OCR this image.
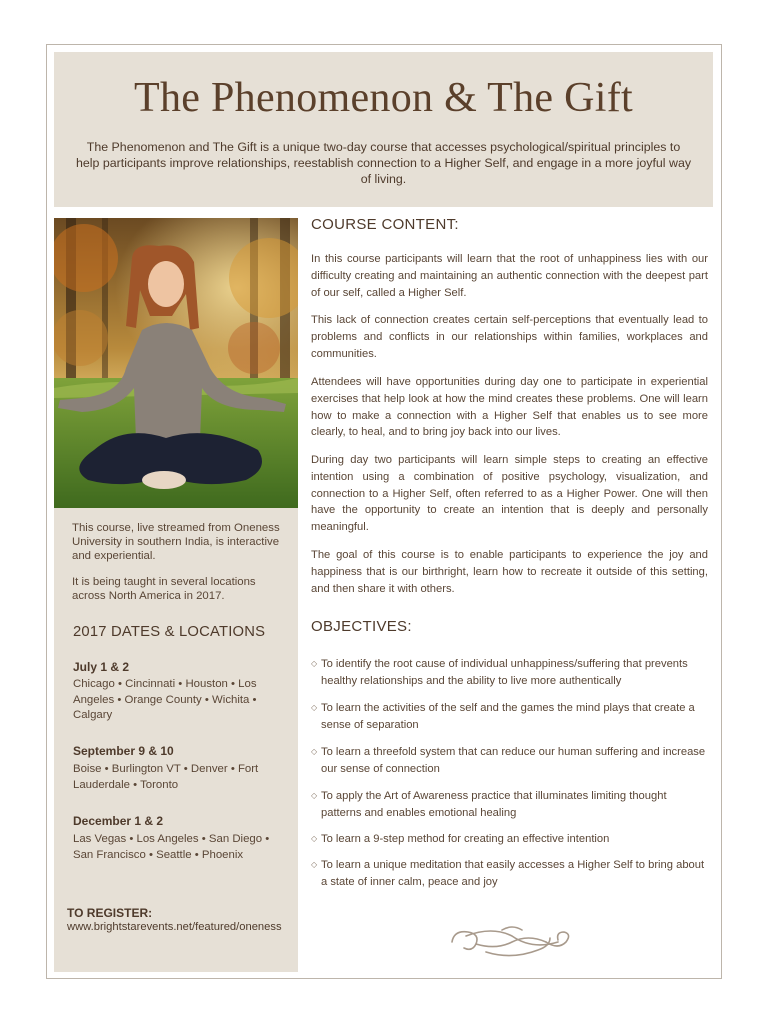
The Phenomenon & The Gift
The Phenomenon and The Gift is a unique two-day course that accesses psychological/spiritual principles to help participants improve relationships, reestablish connection to a Higher Self, and engage in a more joyful way of living.
This course, live streamed from Oneness University in southern India, is interactive and experiential.
It is being taught in several locations across North America in 2017.
2017 DATES & LOCATIONS
July 1 & 2
Chicago • Cincinnati • Houston • Los Angeles • Orange County • Wichita • Calgary
September 9 & 10
Boise • Burlington VT • Denver • Fort Lauderdale • Toronto
December 1 & 2
Las Vegas • Los Angeles • San Diego • San Francisco • Seattle • Phoenix
TO REGISTER:
www.brightstarevents.net/featured/oneness
COURSE CONTENT:
In this course participants will learn that the root of unhappiness lies with our difficulty creating and maintaining an authentic connection with the deepest part of our self, called a Higher Self.
This lack of connection creates certain self-perceptions that eventually lead to problems and conflicts in our relationships within families, workplaces and communities.
Attendees will have opportunities during day one to participate in experiential exercises that help look at how the mind creates these problems. One will learn how to make a connection with a Higher Self that enables us to see more clearly, to heal, and to bring joy back into our lives.
During day two participants will learn simple steps to creating an effective intention using a combination of positive psychology, visualization, and connection to a Higher Self, often referred to as a Higher Power. One will then have the opportunity to create an intention that is deeply and personally meaningful.
The goal of this course is to enable participants to experience the joy and happiness that is our birthright, learn how to recreate it outside of this setting, and then share it with others.
OBJECTIVES:
◇ To identify the root cause of individual unhappiness/suffering that prevents healthy relationships and the ability to live more authentically
◇ To learn the activities of the self and the games the mind plays that create a sense of separation
◇ To learn a threefold system that can reduce our human suffering and increase our sense of connection
◇ To apply the Art of Awareness practice that illuminates limiting thought patterns and enables emotional healing
◇ To learn a 9-step method for creating an effective intention
◇ To learn a unique meditation that easily accesses a Higher Self to bring about a state of inner calm, peace and joy
